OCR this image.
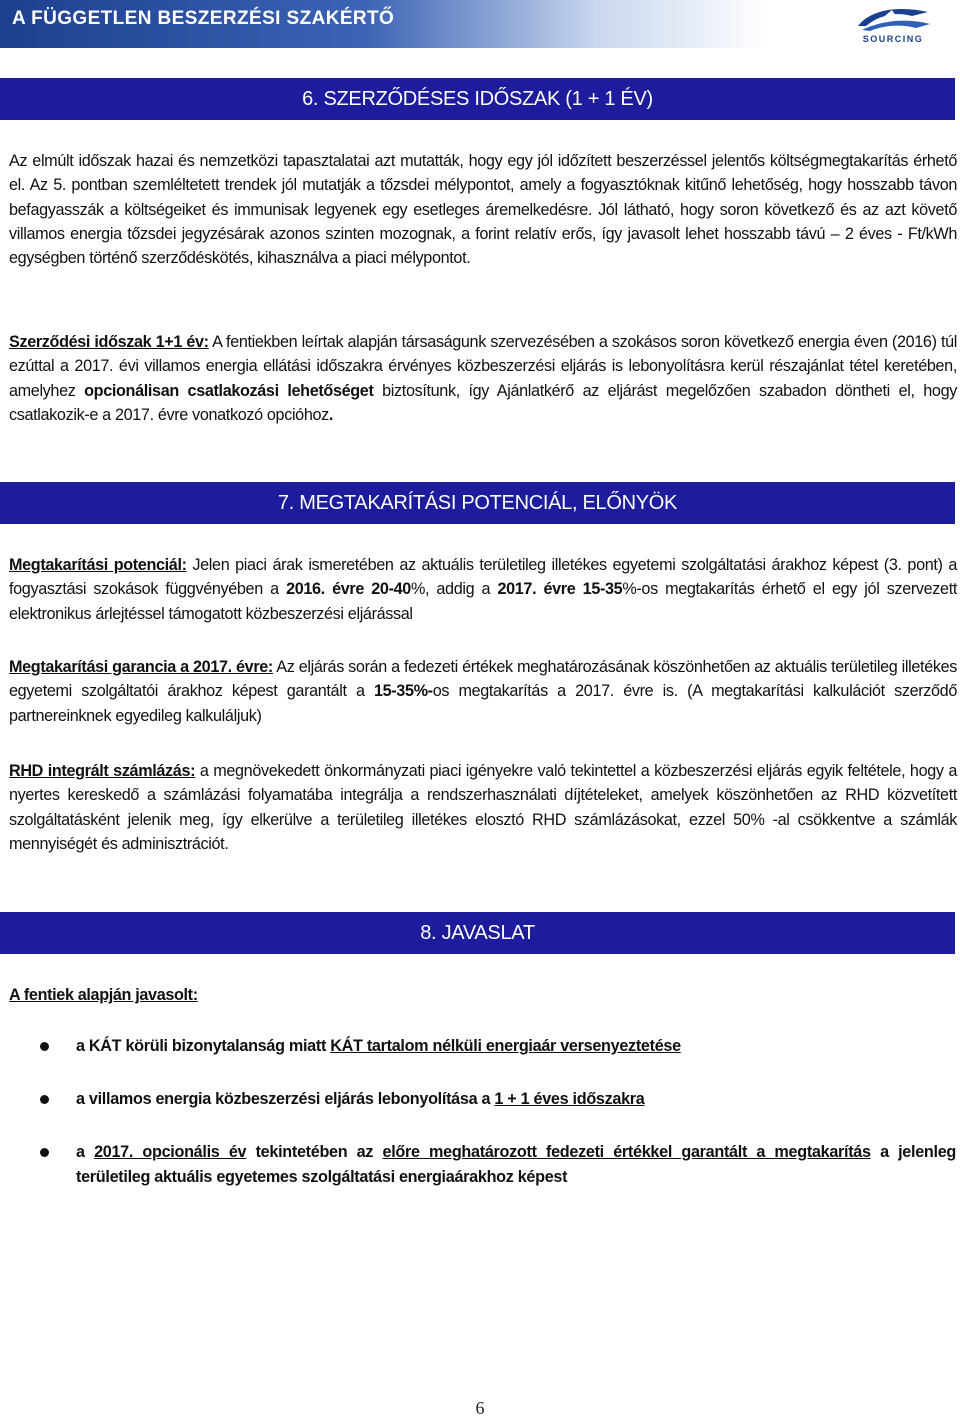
A FÜGGETLEN BESZERZÉSI SZAKÉRTŐ
SOURCING
6. SZERZŐDÉSES IDŐSZAK (1 + 1 ÉV)

Az elmúlt időszak hazai és nemzetközi tapasztalatai azt mutatták, hogy egy jól időzített beszerzéssel jelentős költségmegtakarítás érhető el. Az 5. pontban szemléltetett trendek jól mutatják a tőzsdei mélypontot, amely a fogyasztóknak kitűnő lehetőség, hogy hosszabb távon befagyasszák a költségeiket és immunisak legyenek egy esetleges áremelkedésre. Jól látható, hogy soron következő és az azt követő villamos energia tőzsdei jegyzésárak azonos szinten mozognak, a forint relatív erős, így javasolt lehet hosszabb távú – 2 éves - Ft/kWh egységben történő szerződéskötés, kihasználva a piaci mélypontot.

Szerződési időszak 1+1 év: A fentiekben leírtak alapján társaságunk szervezésében a szokásos soron következő energia éven (2016) túl ezúttal a 2017. évi villamos energia ellátási időszakra érvényes közbeszerzési eljárás is lebonyolításra kerül részajánlat tétel keretében, amelyhez opcionálisan csatlakozási lehetőséget biztosítunk, így Ajánlatkérő az eljárást megelőzően szabadon döntheti el, hogy csatlakozik-e a 2017. évre vonatkozó opcióhoz.

7. MEGTAKARÍTÁSI POTENCIÁL, ELŐNYÖK

Megtakarítási potenciál: Jelen piaci árak ismeretében az aktuális területileg illetékes egyetemi szolgáltatási árakhoz képest (3. pont) a fogyasztási szokások függvényében a 2016. évre 20-40%, addig a 2017. évre 15-35%-os megtakarítás érhető el egy jól szervezett elektronikus árlejtéssel támogatott közbeszerzési eljárással

Megtakarítási garancia a 2017. évre: Az eljárás során a fedezeti értékek meghatározásának köszönhetően az aktuális területileg illetékes egyetemi szolgáltatói árakhoz képest garantált a 15-35%-os megtakarítás a 2017. évre is. (A megtakarítási kalkulációt szerződő partnereinknek egyedileg kalkuláljuk)

RHD integrált számlázás: a megnövekedett önkormányzati piaci igényekre való tekintettel a közbeszerzési eljárás egyik feltétele, hogy a nyertes kereskedő a számlázási folyamatába integrálja a rendszerhasználati díjtételeket, amelyek köszönhetően az RHD közvetített szolgáltatásként jelenik meg, így elkerülve a területileg illetékes elosztó RHD számlázásokat, ezzel 50% -al csökkentve a számlák mennyiségét és adminisztrációt.

8. JAVASLAT

A fentiek alapján javasolt:

a KÁT körüli bizonytalanság miatt KÁT tartalom nélküli energiaár versenyeztetése
a villamos energia közbeszerzési eljárás lebonyolítása a 1 + 1 éves időszakra
a 2017. opcionális év tekintetében az előre meghatározott fedezeti értékkel garantált a megtakarítás a jelenleg területileg aktuális egyetemes szolgáltatási energiaárakhoz képest
6
